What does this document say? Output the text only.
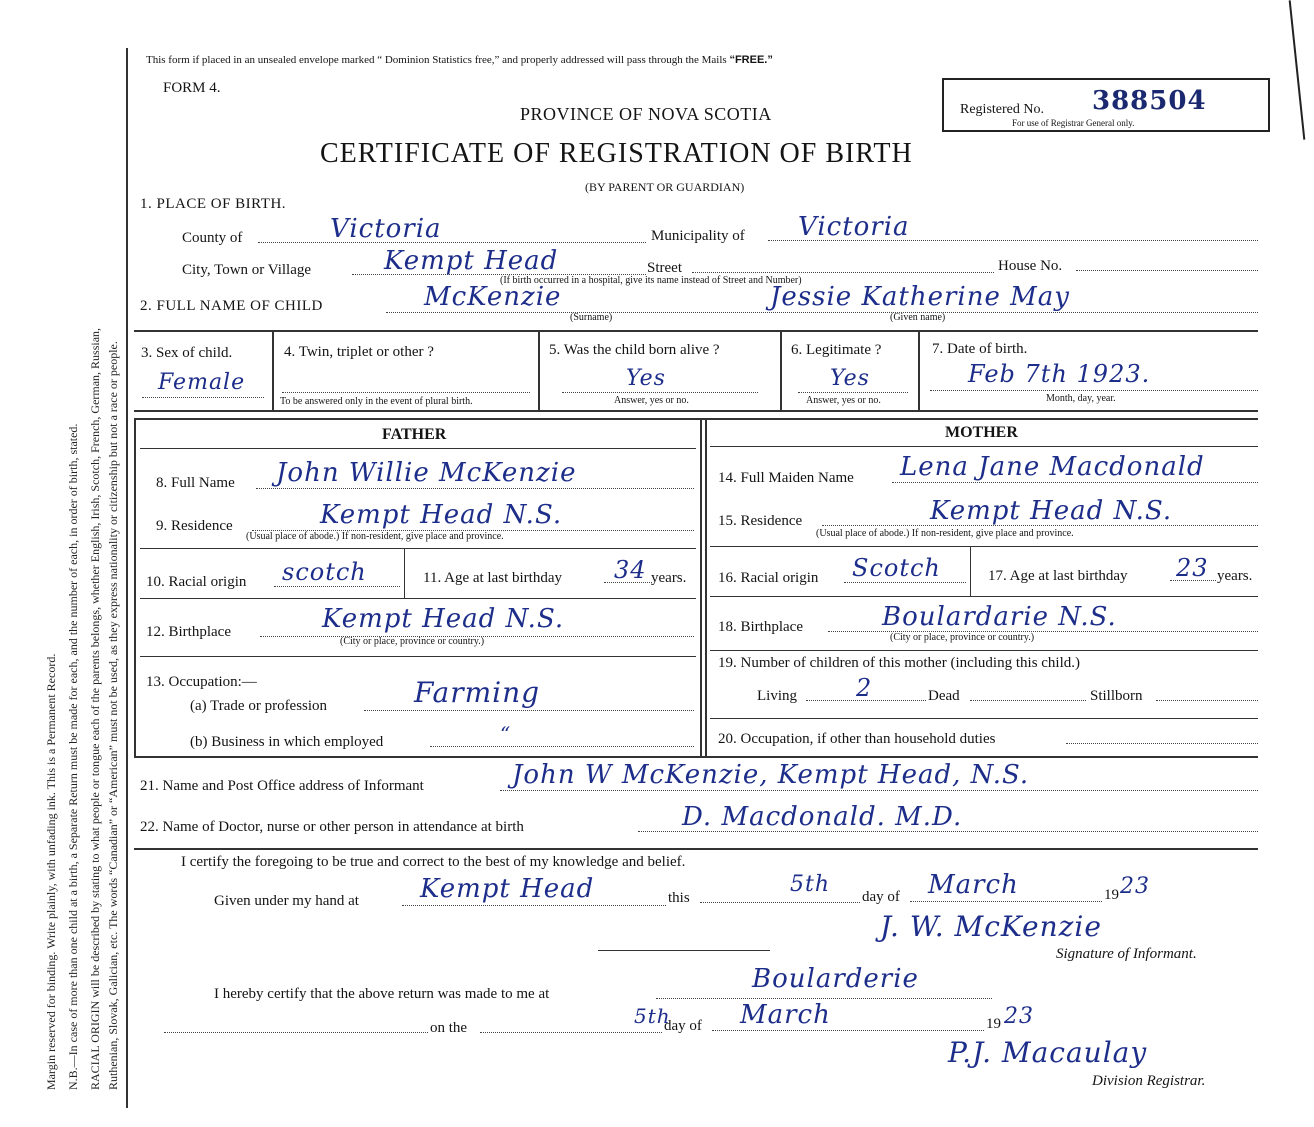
Margin reserved for binding. Write plainly, with unfading ink. This is a Permanent Record. N.B.—In case of more than one child at a birth, a Separate Return must be made for each, and the number of each, in order of birth, stated. RACIAL ORIGIN will be described by stating to what people or tongue each of the parents belongs, whether English, Irish, Scotch, French, German, Russian, Ruthenian, Slovak, Galician, etc. The words “Canadian” or “American” must not be used, as they express nationality or citizenship but not a race or people.
This form if placed in an unsealed envelope marked “ Dominion Statistics free,” and properly addressed will pass through the Mails “FREE.”
FORM 4.
PROVINCE OF NOVA SCOTIA
CERTIFICATE OF REGISTRATION OF BIRTH
(BY PARENT OR GUARDIAN)
Registered No. 388504
For use of Registrar General only.
1. PLACE OF BIRTH.
County of	Victoria	Municipality of Victoria
City, Town or Village	Kempt Head	Street	House No.
(If birth occurred in a hospital, give its name instead of Street and Number)
2. FULL NAME OF CHILD	McKenzie
(Surname)
Jessie Katherine May
(Given name)
3. Sex of child.
Female
4. Twin, triplet or other ?
To be answered only in the event of plural birth.
5. Was the child born alive ?
Yes
Answer, yes or no.
6. Legitimate ?
Yes
Answer, yes or no.
7. Date of birth.
Feb 7th 1923.
Month, day, year.
FATHER	MOTHER
8. Full Name John Willie McKenzie
9. Residence	Kempt Head N.S.
(Usual place of abode.) If non-resident, give place and province.
10. Racial origin scotch	11. Age at last birthday 34 years.
12. Birthplace	Kempt Head N.S.
(City or place, province or country.)
13. Occupation:—
(a) Trade or profession	Farming
(b) Business in which employed	“
14. Full Maiden Name Lena Jane Macdonald
15. Residence	Kempt Head N.S.
(Usual place of abode.) If non-resident, give place and province.
16. Racial origin Scotch	17. Age at last birthday 23 years.
18. Birthplace	Boulardarie N.S.
(City or place, province or country.)
19. Number of children of this mother (including this child.)
Living 2	Dead	Stillborn
20. Occupation, if other than household duties
21. Name and Post Office address of Informant	John W McKenzie, Kempt Head, N.S.
22. Name of Doctor, nurse or other person in attendance at birth	D. Macdonald. M.D.
I certify the foregoing to be true and correct to the best of my knowledge and belief.
Given under my hand at Kempt Head	this
5th day of March	19 23
J. W. McKenzie
Signature of Informant.
I hereby certify that the above return was made to me at	Boularderie
on the	5th
day of March	19 23
P.J. Macaulay
Division Registrar.
